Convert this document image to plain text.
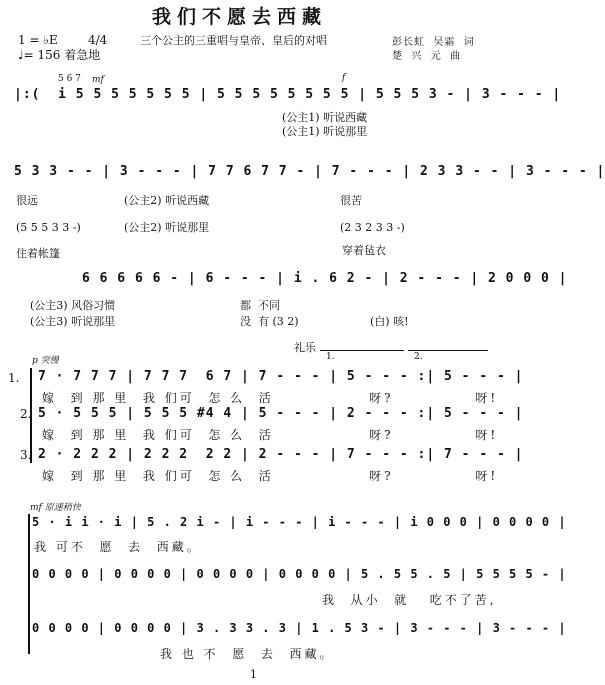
我们不愿去西藏
三个公主的三重唱与皇帝、皇后的对唱	彭长虹  吴霜  词
楚  兴  元  曲
1 = ♭E	4/4
♩= 156 着急地
5 6 7 mf	f
|:(  i 5 5 5 5 5 5 5 | 5 5 5 5 5 5 5 5 | 5 5 5 3 - | 3 - - - |
(公主1) 听说西藏
(公主1) 听说那里
5 3 3 - - | 3 - - - | 7 7 6 7 7 - | 7 - - - | 2 3 3 - - | 3 - - - |
很远	(公主2) 听说西藏	很苦
(5 5 5 3 3 -)	(公主2) 听说那里	(2 3 2 3 3 -)
住着帐篷	穿着毡衣
6 6 6 6 6 - | 6 - - - | i . 6 2 - | 2 - - - | 2 0 0 0 |
(公主3) 风俗习惯	都  不同
(公主3) 听说那里	没  有 (3 2)	(白) 咳!
礼乐
p 突慢	1.	2.
1. 7 · 7 7 7 | 7 7 7  6 7 | 7 - - - | 5 - - - :| 5 - - - |
嫁  到 那 里  我 们可  怎 么  活              呀?            呀!
2. 5 · 5 5 5 | 5 5 5 #4 4 | 5 - - - | 2 - - - :| 5 - - - |
嫁  到 那 里  我 们可  怎 么  活              呀?            呀!
3. 2 · 2 2 2 | 2 2 2  2 2 | 2 - - - | 7 - - - :| 7 - - - |
嫁  到 那 里  我 们可  怎 么  活              呀?            呀!
mf 原速稍快
5 · i i · i | 5 . 2 i - | i - - - | i - - - | i 0 0 0 | 0 0 0 0 |
我 可不  愿  去  西藏。
0 0 0 0 | 0 0 0 0 | 0 0 0 0 | 0 0 0 0 | 5 . 5 5 . 5 | 5 5 5 5 - |
我  从小  就   吃不了苦,
0 0 0 0 | 0 0 0 0 | 3 . 3 3 . 3 | 1 . 5 3 - | 3 - - - | 3 - - - |
我 也 不  愿  去  西藏。
1
